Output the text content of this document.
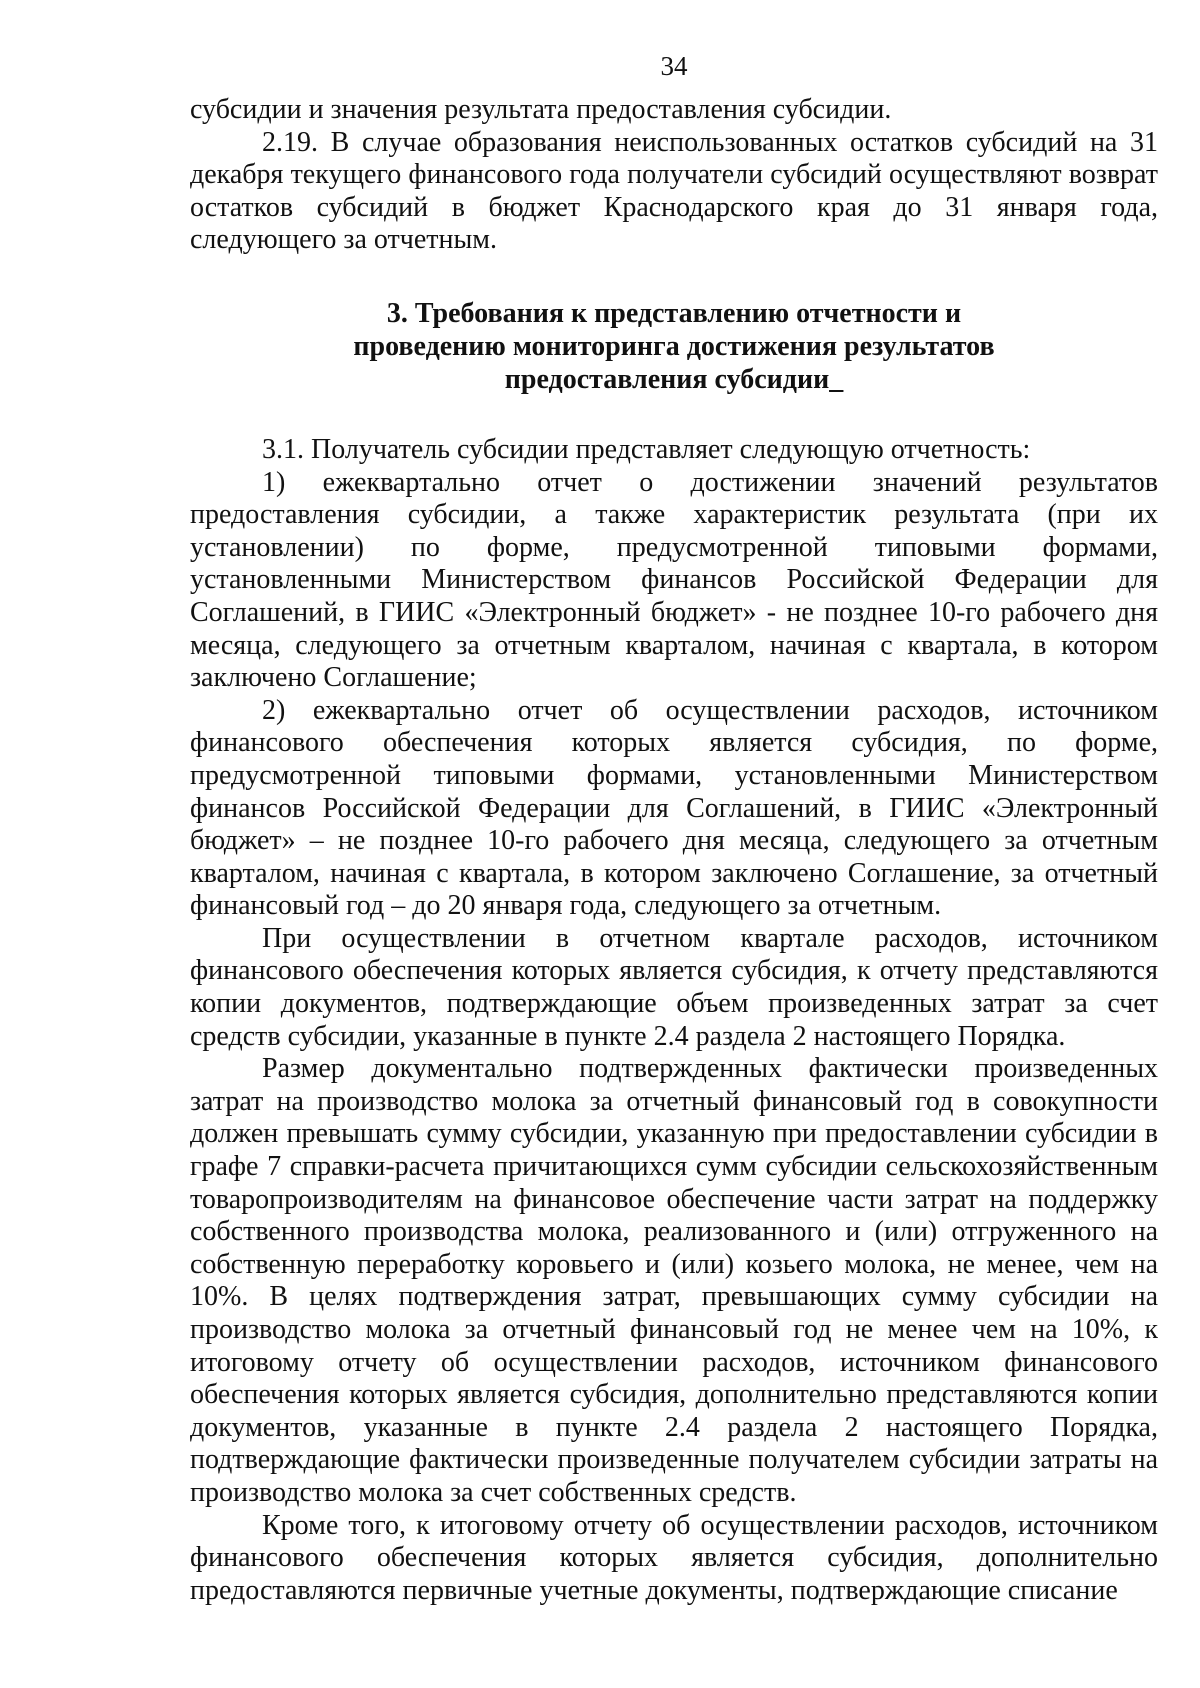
34

субсидии и значения результата предоставления субсидии.

2.19. В случае образования неиспользованных остатков субсидий на 31 декабря текущего финансового года получатели субсидий осуществляют возврат остатков субсидий в бюджет Краснодарского края до 31 января года, следующего за отчетным.

3. Требования к представлению отчетности и
проведению мониторинга достижения результатов
предоставления субсидии_

3.1. Получатель субсидии представляет следующую отчетность:

1) ежеквартально отчет о достижении значений результатов предоставления субсидии, а также характеристик результата (при их установлении) по форме, предусмотренной типовыми формами, установленными Министерством финансов Российской Федерации для Соглашений, в ГИИС «Электронный бюджет» - не позднее 10-го рабочего дня месяца, следующего за отчетным кварталом, начиная с квартала, в котором заключено Соглашение;

2) ежеквартально отчет об осуществлении расходов, источником финансового обеспечения которых является субсидия, по форме, предусмотренной типовыми формами, установленными Министерством финансов Российской Федерации для Соглашений, в ГИИС «Электронный бюджет» – не позднее 10-го рабочего дня месяца, следующего за отчетным кварталом, начиная с квартала, в котором заключено Соглашение, за отчетный финансовый год – до 20 января года, следующего за отчетным.

При осуществлении в отчетном квартале расходов, источником финансового обеспечения которых является субсидия, к отчету представляются копии документов, подтверждающие объем произведенных затрат за счет средств субсидии, указанные в пункте 2.4 раздела 2 настоящего Порядка.

Размер документально подтвержденных фактически произведенных затрат на производство молока за отчетный финансовый год в совокупности должен превышать сумму субсидии, указанную при предоставлении субсидии в графе 7 справки-расчета причитающихся сумм субсидии сельскохозяйственным товаропроизводителям на финансовое обеспечение части затрат на поддержку собственного производства молока, реализованного и (или) отгруженного на собственную переработку коровьего и (или) козьего молока, не менее, чем на 10%. В целях подтверждения затрат, превышающих сумму субсидии на производство молока за отчетный финансовый год не менее чем на 10%, к итоговому отчету об осуществлении расходов, источником финансового обеспечения которых является субсидия, дополнительно представляются копии документов, указанные в пункте 2.4 раздела 2 настоящего Порядка, подтверждающие фактически произведенные получателем субсидии затраты на производство молока за счет собственных средств.

Кроме того, к итоговому отчету об осуществлении расходов, источником финансового обеспечения которых является субсидия, дополнительно предоставляются первичные учетные документы, подтверждающие списание
